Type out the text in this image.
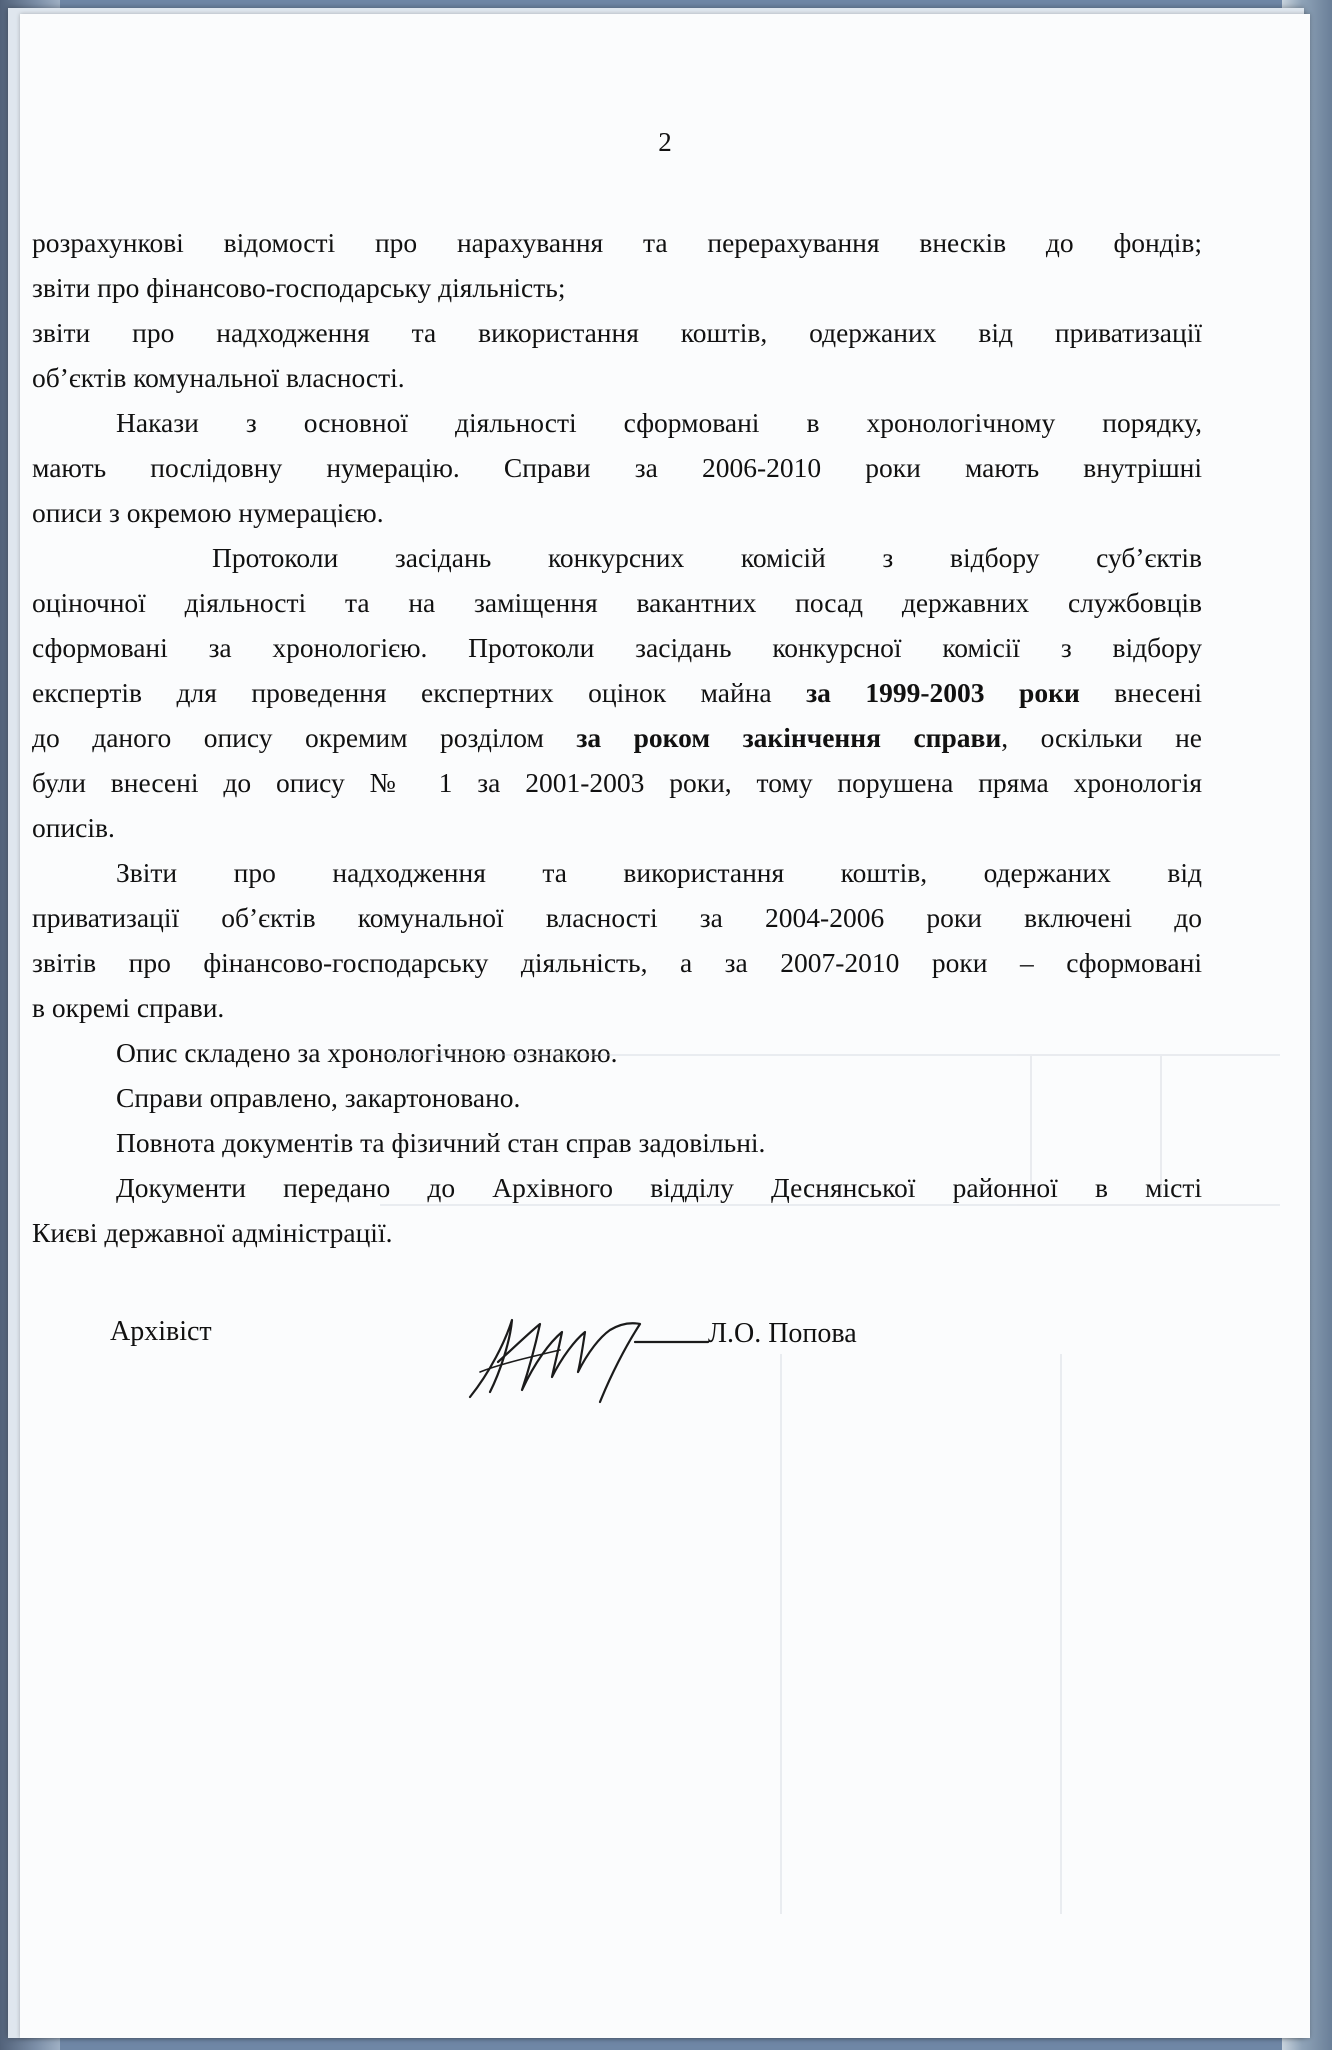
2
розрахункові відомості про нарахування та перерахування внесків до фондів;
звіти про фінансово-господарську діяльність;
звіти про надходження та використання коштів, одержаних від приватизації
об’єктів комунальної власності.
Накази з основної діяльності сформовані в хронологічному порядку,
мають послідовну нумерацію. Справи за 2006-2010 роки мають внутрішні
описи з окремою нумерацією.
Протоколи засідань конкурсних комісій з відбору суб’єктів
оціночної діяльності та на заміщення вакантних посад державних службовців
сформовані за хронологією. Протоколи засідань конкурсної комісії з відбору
експертів для проведення експертних оцінок майна за 1999-2003 роки внесені
до даного опису окремим розділом за роком закінчення справи, оскільки не
були внесені до опису № 1 за 2001-2003 роки, тому порушена пряма хронологія
описів.
Звіти про надходження та використання коштів, одержаних від
приватизації об’єктів комунальної власності за 2004-2006 роки включені до
звітів про фінансово-господарську діяльність, а за 2007-2010 роки – сформовані
в окремі справи.
Опис складено за хронологічною ознакою.
Справи оправлено, закартоновано.
Повнота документів та фізичний стан справ задовільні.
Документи передано до Архівного відділу Деснянської районної в місті
Києві державної адміністрації.
Архівіст	Л.О. Попова
